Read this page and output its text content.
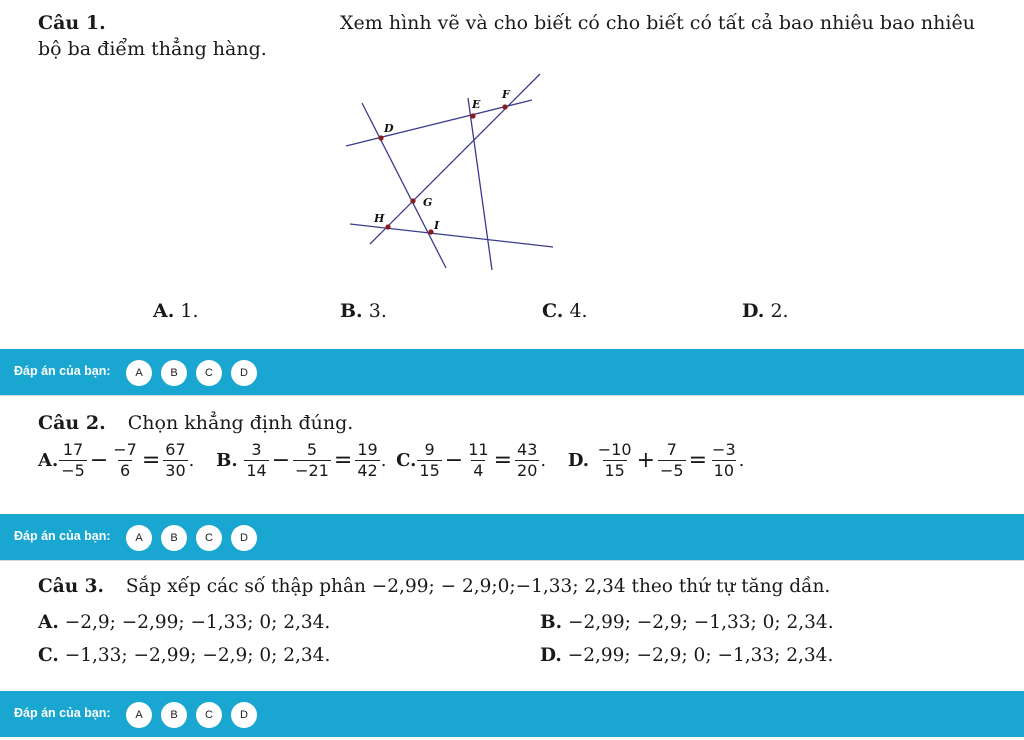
Câu 1.	Xem hình vẽ và cho biết có cho biết có tất cả bao nhiêu bao nhiêu
bộ ba điểm thẳng hàng.
D
E
F
G
H
I
A. 1.	B. 3.	C. 4.	D. 2.
Đáp án của bạn:	A	B	C	D
Câu 2. Chọn khẳng định đúng.
A. $\frac{17}{-5} - \frac{-7}{6} = \frac{67}{30}$ . B. $\frac{3}{14} - \frac{5}{-21} = \frac{19}{42}$ . C. $\frac{9}{15} - \frac{11}{4} = \frac{43}{20}$ . D. $\frac{-10}{15} + \frac{7}{-5} = \frac{-3}{10}$ .
Đáp án của bạn:	A	B	C	D
Câu 3. Sắp xếp các số thập phân −2,99; − 2,9;0;−1,33; 2,34 theo thứ tự tăng dần.
A. −2,9; −2,99; −1,33; 0; 2,34.	B. −2,99; −2,9; −1,33; 0; 2,34.
C. −1,33; −2,99; −2,9; 0; 2,34.	D. −2,99; −2,9; 0; −1,33; 2,34.
Đáp án của bạn:	A	B	C	D
